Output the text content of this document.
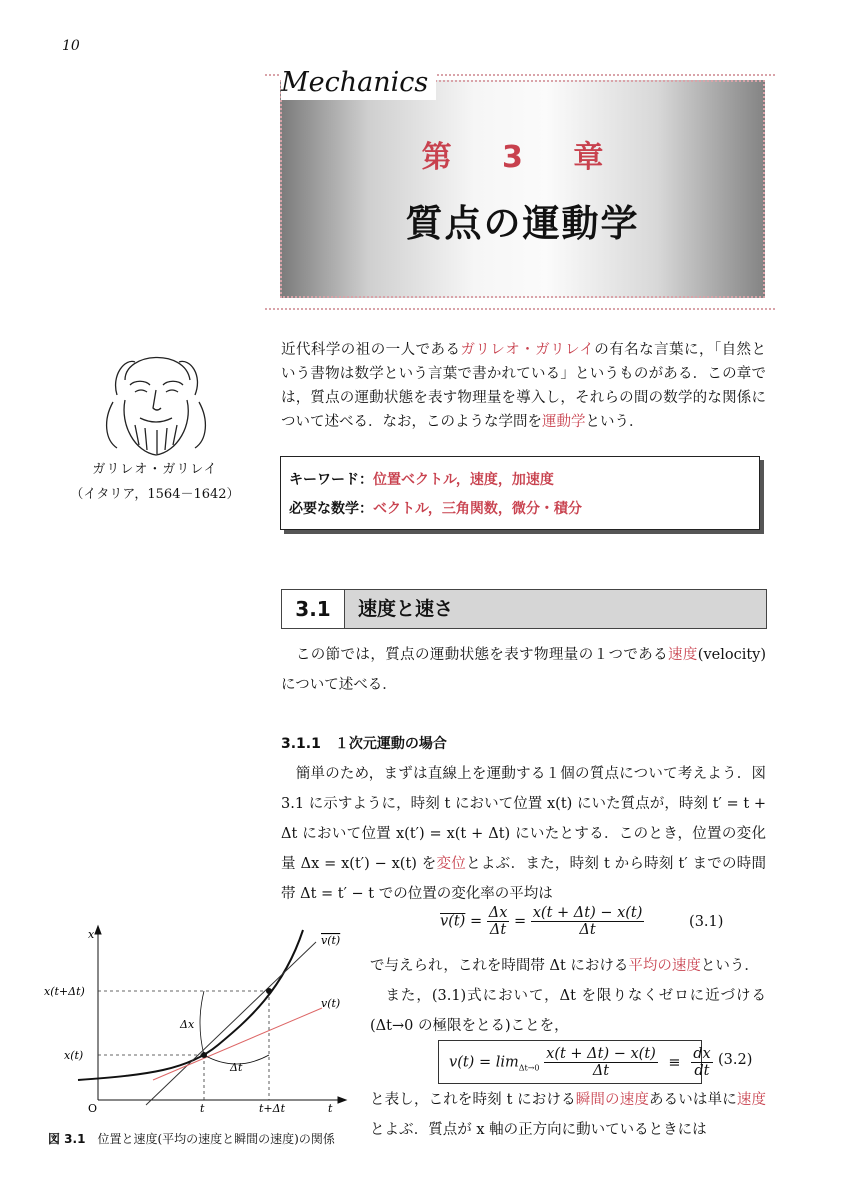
10
Mechanics
第 3 章
質点の運動学
ガリレオ・ガリレイ
（イタリア，1564－1642）
近代科学の祖の一人であるガリレオ・ガリレイの有名な言葉に，「自然という書物は数学という言葉で書かれている」というものがある．この章では，質点の運動状態を表す物理量を導入し，それらの間の数学的な関係について述べる．なお，このような学問を運動学という．
キーワード：位置ベクトル，速度，加速度
必要な数学：ベクトル，三角関数，微分・積分
3.1	速度と速さ
　この節では，質点の運動状態を表す物理量の１つである速度(velocity)について述べる．
3.1.1　１次元運動の場合
　簡単のため，まずは直線上を運動する１個の質点について考えよう．図 3.1 に示すように，時刻 t において位置 x(t) にいた質点が，時刻 t′ = t + Δt において位置 x(t′) = x(t + Δt) にいたとする．このとき，位置の変化量 Δx = x(t′) − x(t) を変位とよぶ．また，時刻 t から時刻 t′ までの時間帯 Δt = t′ − t での位置の変化率の平均は
$v(t) = \frac{\Delta x}{\Delta t} = \frac{x(t + \Delta t) - x(t)}{\Delta t}$	(3.1)
で与えられ，これを時間帯 Δt における平均の速度という．
　また，(3.1)式において，Δt を限りなくゼロに近づける (Δt→0 の極限をとる)ことを，
$v(t) = \lim_{\Delta t\to 0} \frac{x(t + \Delta t) - x(t)}{\Delta t} \equiv \frac{dx}{dt} (3.2)$
と表し，これを時刻 t における瞬間の速度あるいは単に速度とよぶ．質点が x 軸の正方向に動いているときには
x
t
O
x(t+Δt)
x(t)
t	t+Δt
Δx
Δt
v(t)
v(t)
図 3.1　 位置と速度(平均の速度と瞬間の速度)の関係
